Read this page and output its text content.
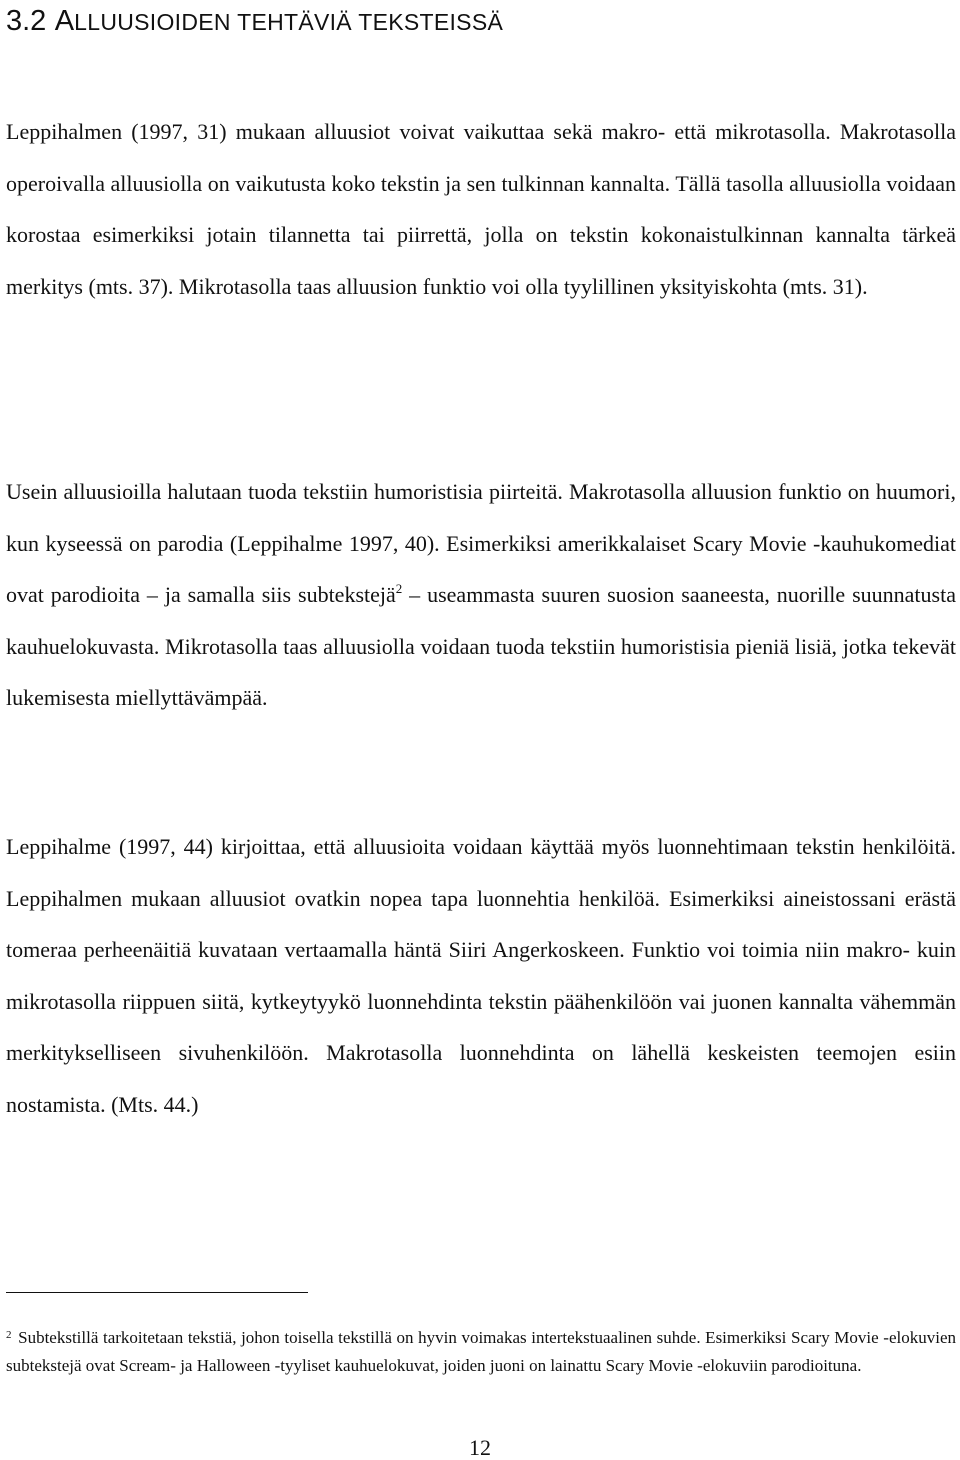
3.2 ALLUUSIOIDEN TEHTÄVIÄ TEKSTEISSÄ

Leppihalmen (1997, 31) mukaan alluusiot voivat vaikuttaa sekä makro- että mikrotasolla. Makrotasolla operoivalla alluusiolla on vaikutusta koko tekstin ja sen tulkinnan kannalta. Tällä tasolla alluusiolla voidaan korostaa esimerkiksi jotain tilannetta tai piirrettä, jolla on tekstin kokonaistulkinnan kannalta tärkeä merkitys (mts. 37). Mikrotasolla taas alluusion funktio voi olla tyylillinen yksityiskohta (mts. 31).

Usein alluusioilla halutaan tuoda tekstiin humoristisia piirteitä. Makrotasolla alluusion funktio on huumori, kun kyseessä on parodia (Leppihalme 1997, 40). Esimerkiksi amerikkalaiset Scary Movie -kauhukomediat ovat parodioita – ja samalla siis subtekstejä$^2$ – useammasta suuren suosion saaneesta, nuorille suunnatusta kauhuelokuvasta. Mikrotasolla taas alluusiolla voidaan tuoda tekstiin humoristisia pieniä lisiä, jotka tekevät lukemisesta miellyttävämpää.

Leppihalme (1997, 44) kirjoittaa, että alluusioita voidaan käyttää myös luonnehtimaan tekstin henkilöitä. Leppihalmen mukaan alluusiot ovatkin nopea tapa luonnehtia henkilöä. Esimerkiksi aineistossani erästä tomeraa perheenäitiä kuvataan vertaamalla häntä Siiri Angerkoskeen. Funktio voi toimia niin makro- kuin mikrotasolla riippuen siitä, kytkeytyykö luonnehdinta tekstin päähenkilöön vai juonen kannalta vähemmän merkitykselliseen sivuhenkilöön. Makrotasolla luonnehdinta on lähellä keskeisten teemojen esiin nostamista. (Mts. 44.)

$^2$ Subtekstillä tarkoitetaan tekstiä, johon toisella tekstillä on hyvin voimakas intertekstuaalinen suhde. Esimerkiksi Scary Movie -elokuvien subtekstejä ovat Scream- ja Halloween -tyyliset kauhuelokuvat, joiden juoni on lainattu Scary Movie -elokuviin parodioituna.

12
